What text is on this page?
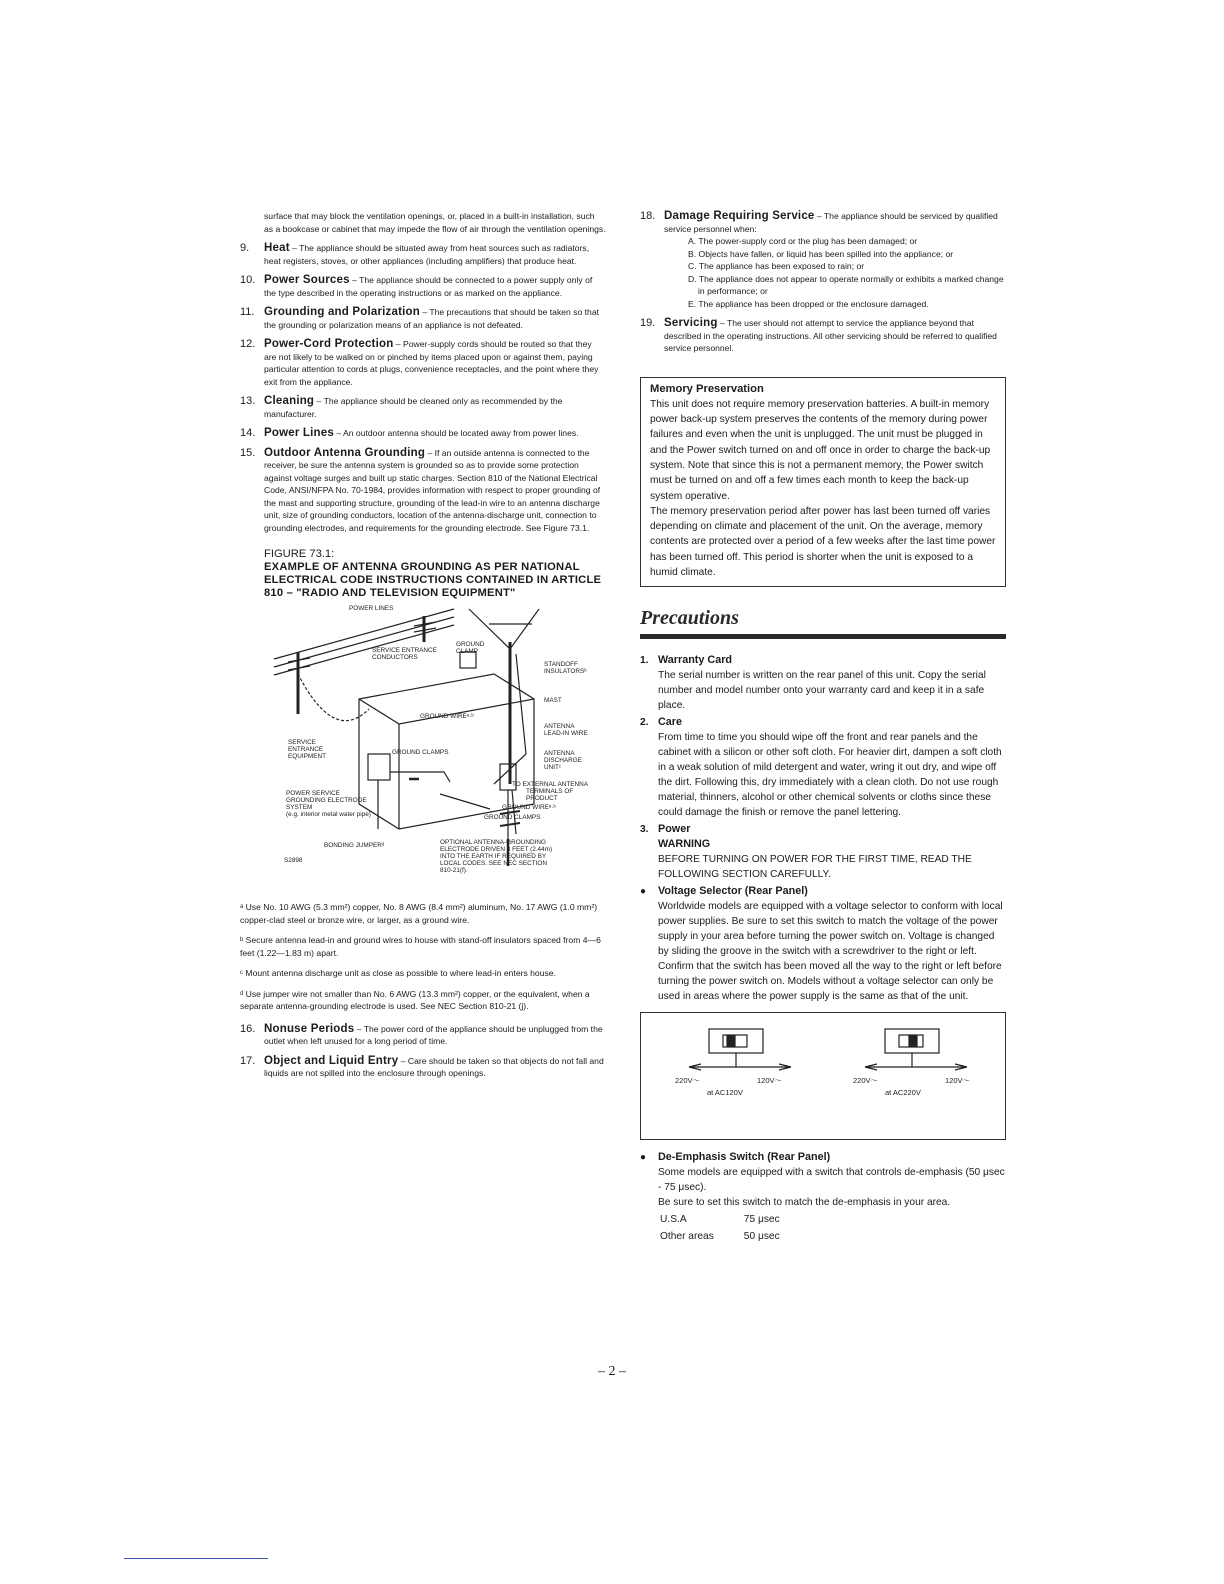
surface that may block the ventilation openings, or, placed in a built-in installation, such as a bookcase or cabinet that may impede the flow of air through the ventilation openings.
9. Heat – The appliance should be situated away from heat sources such as radiators, heat registers, stoves, or other appliances (including amplifiers) that produce heat.
10. Power Sources – The appliance should be connected to a power supply only of the type described in the operating instructions or as marked on the appliance.
11. Grounding and Polarization – The precautions that should be taken so that the grounding or polarization means of an appliance is not defeated.
12. Power-Cord Protection – Power-supply cords should be routed so that they are not likely to be walked on or pinched by items placed upon or against them, paying particular attention to cords at plugs, convenience receptacles, and the point where they exit from the appliance.
13. Cleaning – The appliance should be cleaned only as recommended by the manufacturer.
14. Power Lines – An outdoor antenna should be located away from power lines.
15. Outdoor Antenna Grounding – If an outside antenna is connected to the receiver, be sure the antenna system is grounded so as to provide some protection against voltage surges and built up static charges. Section 810 of the National Electrical Code, ANSI/NFPA No. 70-1984, provides information with respect to proper grounding of the mast and supporting structure, grounding of the lead-in wire to an antenna discharge unit, size of grounding conductors, location of the antenna-discharge unit, connection to grounding electrodes, and requirements for the grounding electrode. See Figure 73.1.
FIGURE 73.1:
EXAMPLE OF ANTENNA GROUNDING AS PER NATIONAL ELECTRICAL CODE INSTRUCTIONS CONTAINED IN ARTICLE 810 – "RADIO AND TELEVISION EQUIPMENT"
POWER LINES
GROUND
CLAMP
SERVICE ENTRANCE
CONDUCTORS
STANDOFF
INSULATORSᵇ
MAST
GROUND WIREᵃ·ᵇ
ANTENNA
LEAD-IN WIRE
SERVICE
ENTRANCE
EQUIPMENT
GROUND CLAMPS	ANTENNA
DISCHARGE
UNITᶜ
TO EXTERNAL ANTENNA
TERMINALS OF
PRODUCT
POWER SERVICE
GROUNDING ELECTRODE
SYSTEM
(e.g. interior metal water pipe)
GROUND WIREᵃ·ᵇ
GROUND CLAMPS
BONDING JUMPERᵈ	OPTIONAL ANTENNA-GROUNDING
ELECTRODE DRIVEN 8 FEET (2.44m)
INTO THE EARTH IF REQUIRED BY
LOCAL CODES. SEE NEC SECTION
810-21(f).
S2898

ᵃ Use No. 10 AWG (5.3 mm²) copper, No. 8 AWG (8.4 mm²) aluminum, No. 17 AWG (1.0 mm²) copper-clad steel or bronze wire, or larger, as a ground wire.

ᵇ Secure antenna lead-in and ground wires to house with stand-off insulators spaced from 4—6 feet (1.22—1.83 m) apart.

ᶜ Mount antenna discharge unit as close as possible to where lead-in enters house.

ᵈ Use jumper wire not smaller than No. 6 AWG (13.3 mm²) copper, or the equivalent, when a separate antenna-grounding electrode is used. See NEC Section 810-21 (j).

16. Nonuse Periods – The power cord of the appliance should be unplugged from the outlet when left unused for a long period of time.
17. Object and Liquid Entry – Care should be taken so that objects do not fall and liquids are not spilled into the enclosure through openings.
18. Damage Requiring Service – The appliance should be serviced by qualified service personnel when:

A. The power-supply cord or the plug has been damaged; or

B. Objects have fallen, or liquid has been spilled into the appliance; or

C. The appliance has been exposed to rain; or

D. The appliance does not appear to operate normally or exhibits a marked change in performance; or

E. The appliance has been dropped or the enclosure damaged.

19. Servicing – The user should not attempt to service the appliance beyond that described in the operating instructions. All other servicing should be referred to qualified service personnel.
Memory Preservation
This unit does not require memory preservation batteries. A built-in memory power back-up system preserves the contents of the memory during power failures and even when the unit is unplugged. The unit must be plugged in and the Power switch turned on and off once in order to charge the back-up system. Note that since this is not a permanent memory, the Power switch must be turned on and off a few times each month to keep the back-up system operative.
The memory preservation period after power has last been turned off varies depending on climate and placement of the unit. On the average, memory contents are protected over a period of a few weeks after the last time power has been turned off. This period is shorter when the unit is exposed to a humid climate.
Precautions
1. Warranty Card
The serial number is written on the rear panel of this unit. Copy the serial number and model number onto your warranty card and keep it in a safe place.
2. Care
From time to time you should wipe off the front and rear panels and the cabinet with a silicon or other soft cloth. For heavier dirt, dampen a soft cloth in a weak solution of mild detergent and water, wring it out dry, and wipe off the dirt. Following this, dry immediately with a clean cloth. Do not use rough material, thinners, alcohol or other chemical solvents or cloths since these could damage the finish or remove the panel lettering.
3. Power
WARNING
BEFORE TURNING ON POWER FOR THE FIRST TIME, READ THE FOLLOWING SECTION CAREFULLY.
● Voltage Selector (Rear Panel)
Worldwide models are equipped with a voltage selector to conform with local power supplies. Be sure to set this switch to match the voltage of the power supply in your area before turning the power switch on. Voltage is changed by sliding the groove in the switch with a screwdriver to the right or left. Confirm that the switch has been moved all the way to the right or left before turning the power switch on. Models without a voltage selector can only be used in areas where the power supply is the same as that of the unit.
220V～	120V～
at AC120V
220V～	120V～
at AC220V
● De-Emphasis Switch (Rear Panel)
Some models are equipped with a switch that controls de-emphasis (50 μsec - 75 μsec).
Be sure to set this switch to match the de-emphasis in your area.
U.S.A	75 μsec
Other areas	50 μsec
– 2 –
